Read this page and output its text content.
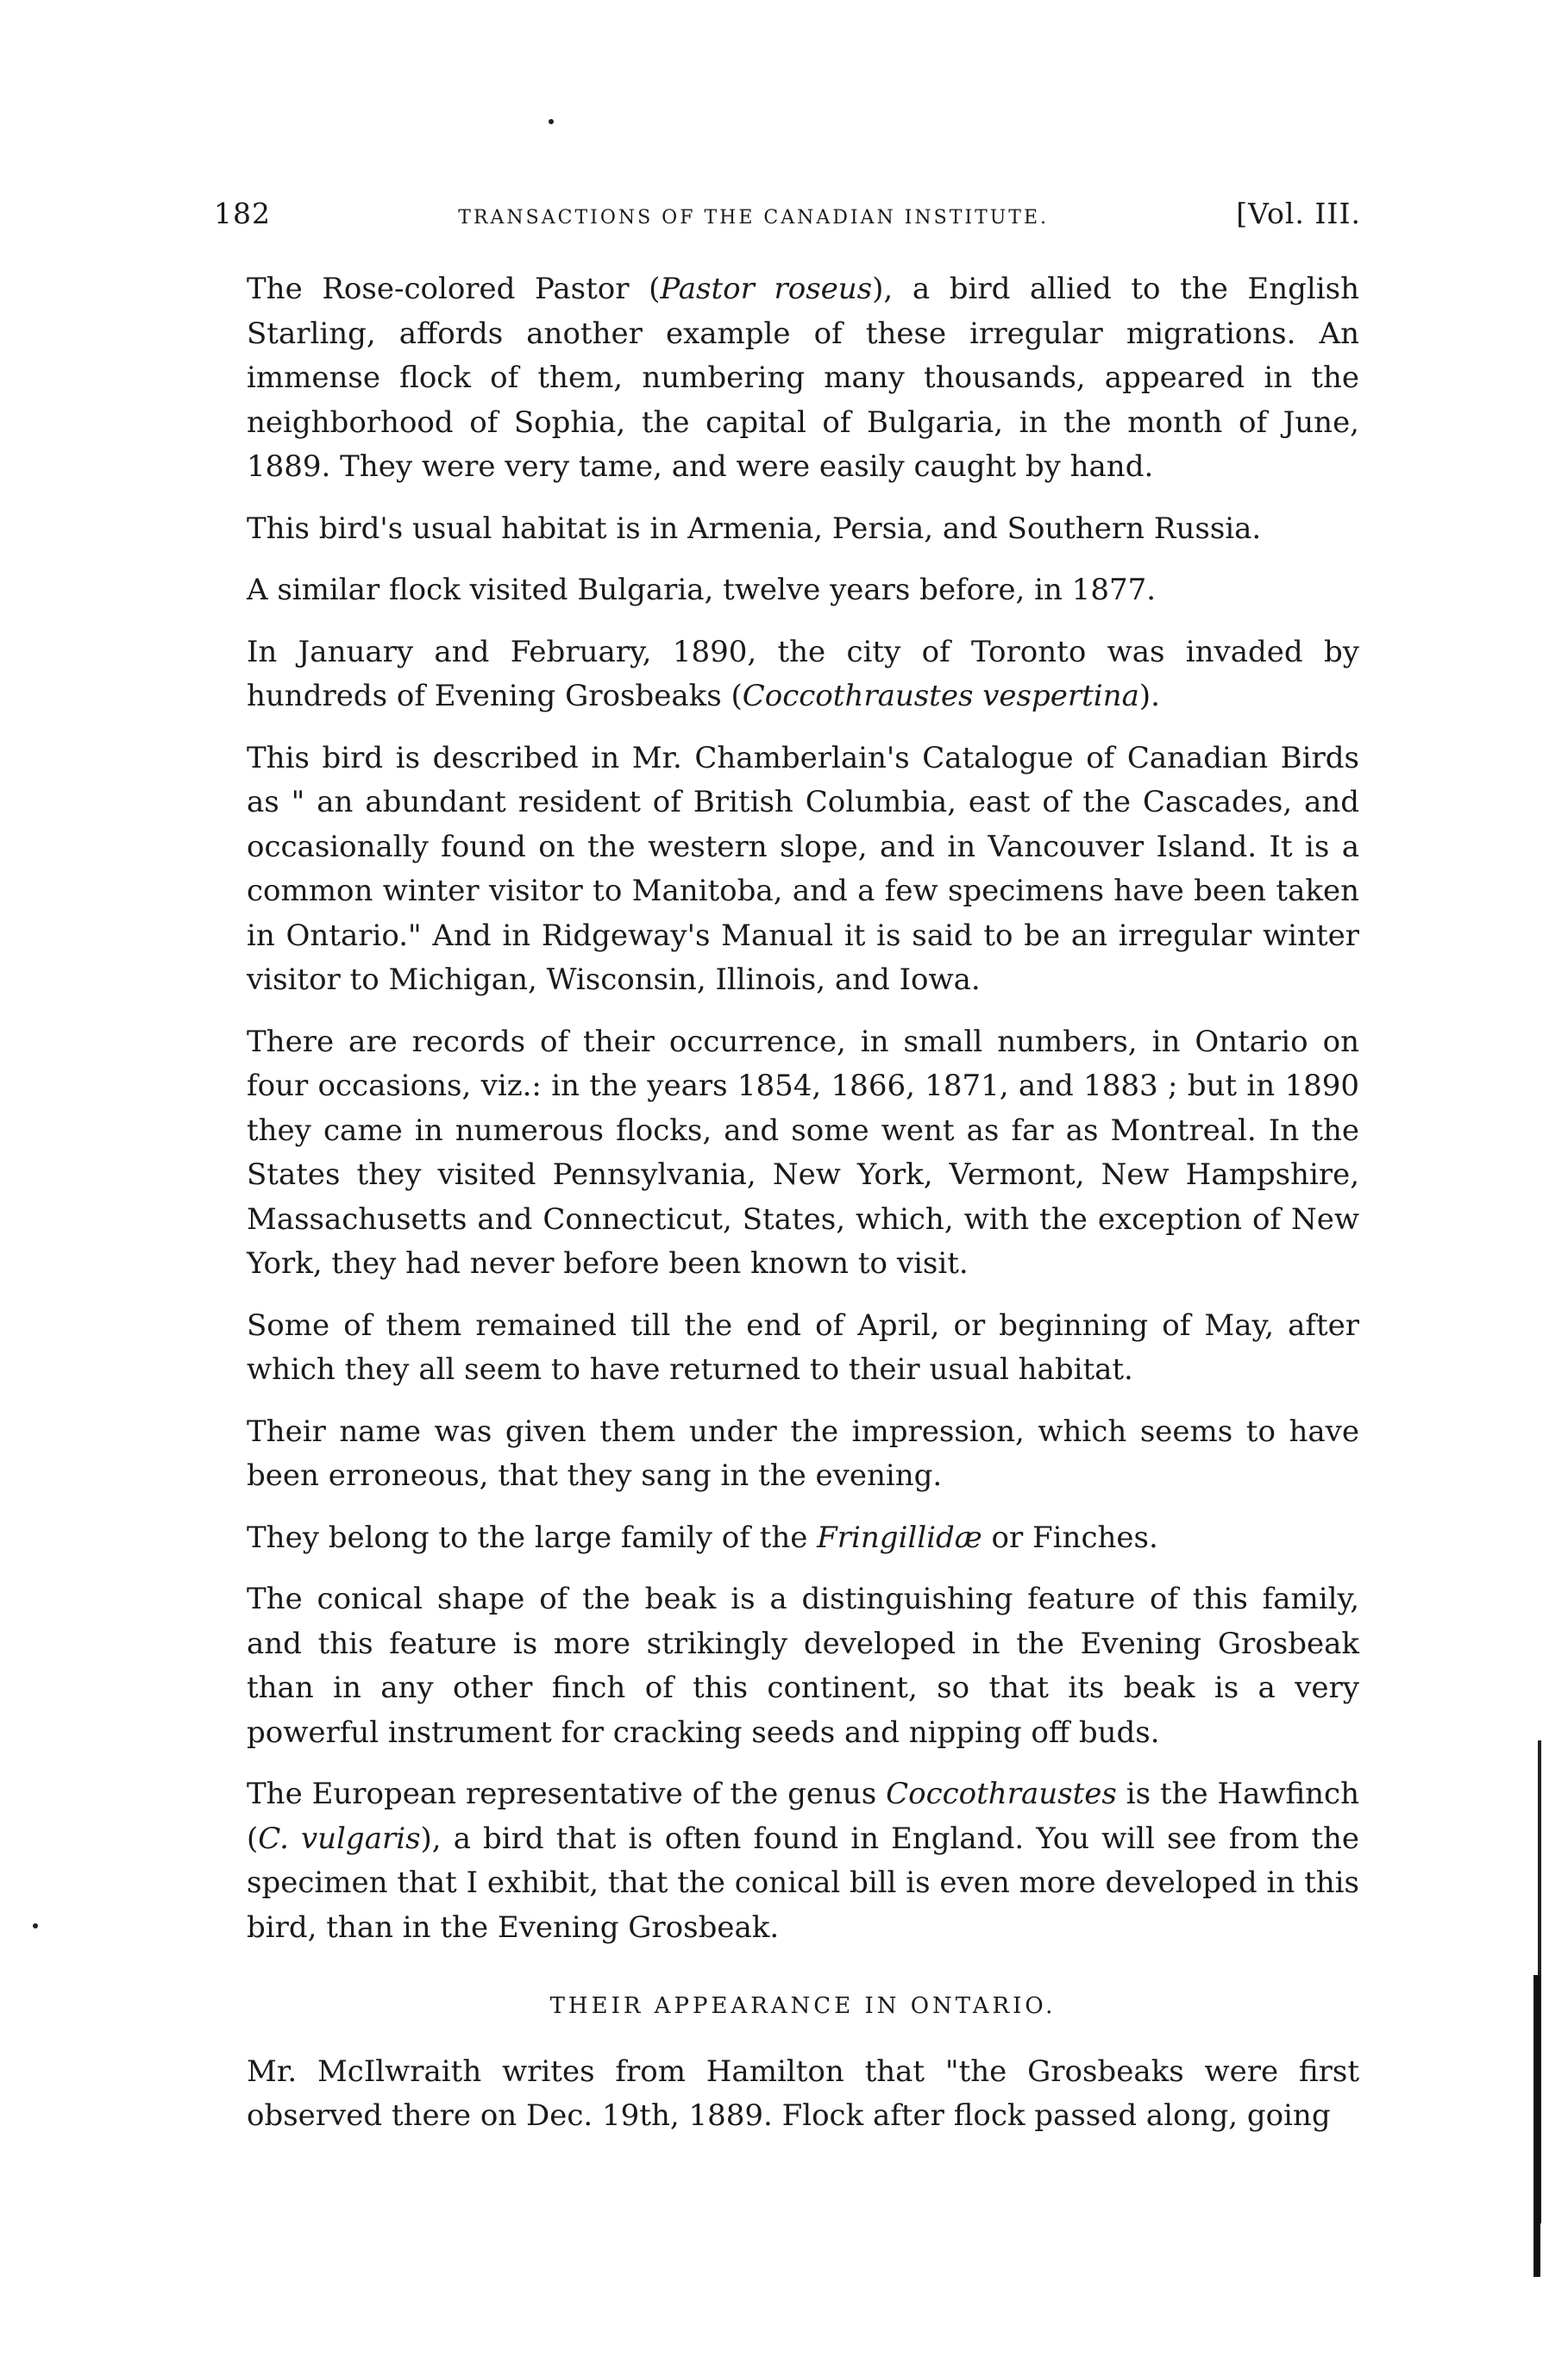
182	TRANSACTIONS OF THE CANADIAN INSTITUTE.	[Vol. III.

The Rose-colored Pastor (Pastor roseus), a bird allied to the English Starling, affords another example of these irregular migrations. An immense flock of them, numbering many thousands, appeared in the neighborhood of Sophia, the capital of Bulgaria, in the month of June, 1889. They were very tame, and were easily caught by hand.

This bird's usual habitat is in Armenia, Persia, and Southern Russia.

A similar flock visited Bulgaria, twelve years before, in 1877.

In January and February, 1890, the city of Toronto was invaded by hundreds of Evening Grosbeaks (Coccothraustes vespertina).

This bird is described in Mr. Chamberlain's Catalogue of Canadian Birds as " an abundant resident of British Columbia, east of the Cascades, and occasionally found on the western slope, and in Vancouver Island. It is a common winter visitor to Manitoba, and a few specimens have been taken in Ontario." And in Ridgeway's Manual it is said to be an irregular winter visitor to Michigan, Wisconsin, Illinois, and Iowa.

There are records of their occurrence, in small numbers, in Ontario on four occasions, viz.: in the years 1854, 1866, 1871, and 1883 ; but in 1890 they came in numerous flocks, and some went as far as Montreal. In the States they visited Pennsylvania, New York, Vermont, New Hampshire, Massachusetts and Connecticut, States, which, with the exception of New York, they had never before been known to visit.

Some of them remained till the end of April, or beginning of May, after which they all seem to have returned to their usual habitat.

Their name was given them under the impression, which seems to have been erroneous, that they sang in the evening.

They belong to the large family of the Fringillidæ or Finches.

The conical shape of the beak is a distinguishing feature of this family, and this feature is more strikingly developed in the Evening Grosbeak than in any other finch of this continent, so that its beak is a very powerful instrument for cracking seeds and nipping off buds.

The European representative of the genus Coccothraustes is the Hawfinch (C. vulgaris), a bird that is often found in England. You will see from the specimen that I exhibit, that the conical bill is even more developed in this bird, than in the Evening Grosbeak.

THEIR APPEARANCE IN ONTARIO.

Mr. McIlwraith writes from Hamilton that "the Grosbeaks were first observed there on Dec. 19th, 1889. Flock after flock passed along, going
